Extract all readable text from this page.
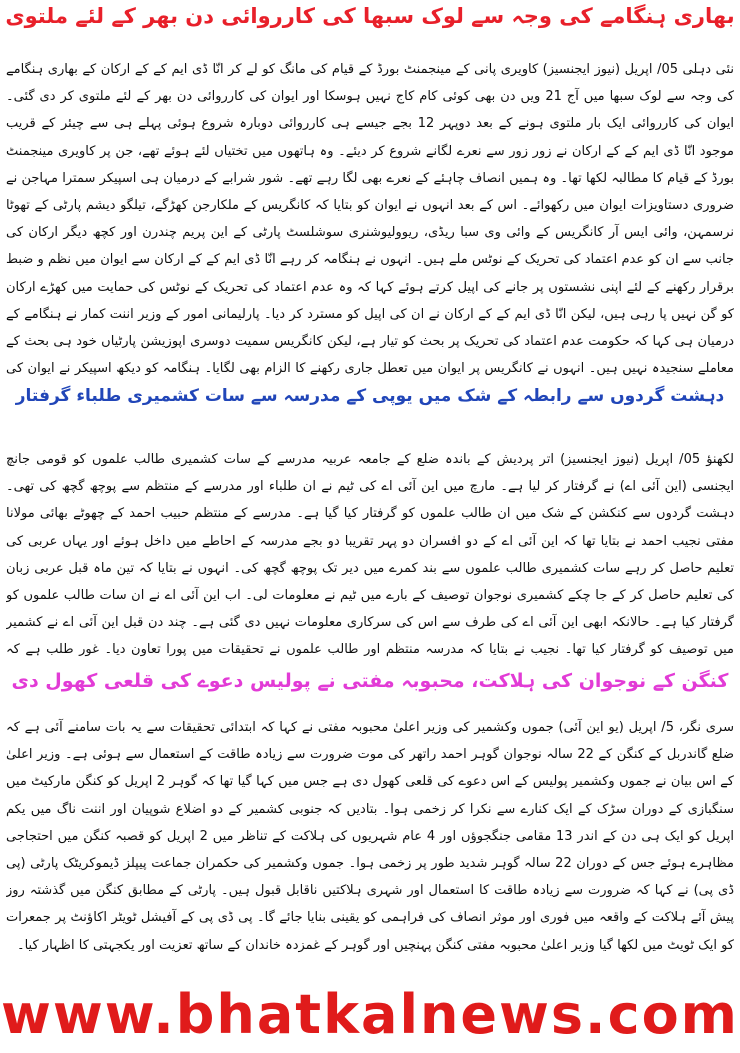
بھاری ہنگامے کی وجہ سے لوک سبھا کی کارروائی دن بھر کے لئے ملتوی
نئی دہلی 05/ اپریل (نیوز ایجنسیز) کاویری پانی کے مینجمنٹ بورڈ کے قیام کی مانگ کو لے کر انّا ڈی ایم کے کے ارکان کے بھاری ہنگامے کی وجہ سے لوک سبھا میں آج 21 ویں دن بھی کوئی کام کاج نہیں ہوسکا اور ایوان کی کارروائی دن بھر کے لئے ملتوی کر دی گئی۔ ایوان کی کارروائی ایک بار ملتوی ہونے کے بعد دوپہر 12 بجے جیسے ہی کارروائی دوبارہ شروع ہوئی پہلے ہی سے چیئر کے قریب موجود انّا ڈی ایم کے کے ارکان نے زور زور سے نعرے لگانے شروع کر دیئے۔ وہ ہاتھوں میں تختیاں لئے ہوئے تھے، جن پر کاویری مینجمنٹ بورڈ کے قیام کا مطالبہ لکھا تھا۔ وہ ہمیں انصاف چاہئے کے نعرے بھی لگا رہے تھے۔ شور شرابے کے درمیان ہی اسپیکر سمترا مہاجن نے ضروری دستاویزات ایوان میں رکھوائے۔ اس کے بعد انہوں نے ایوان کو بتایا کہ کانگریس کے ملکارجن کھڑگے، تیلگو دیشم پارٹی کے تھوٹا نرسمہن، وائی ایس آر کانگریس کے وائی وی سبا ریڈی، ریوولیوشنری سوشلسٹ پارٹی کے این پریم چندرن اور کچھ دیگر ارکان کی جانب سے ان کو عدم اعتماد کی تحریک کے نوٹس ملے ہیں۔ انہوں نے ہنگامہ کر رہے انّا ڈی ایم کے کے ارکان سے ایوان میں نظم و ضبط برقرار رکھنے کے لئے اپنی نشستوں پر جانے کی اپیل کرتے ہوئے کہا کہ وہ عدم اعتماد کی تحریک کے نوٹس کی حمایت میں کھڑے ارکان کو گن نہیں پا رہی ہیں، لیکن انّا ڈی ایم کے کے ارکان نے ان کی اپیل کو مسترد کر دیا۔ پارلیمانی امور کے وزیر اننت کمار نے ہنگامے کے درمیان ہی کہا کہ حکومت عدم اعتماد کی تحریک پر بحث کو تیار ہے، لیکن کانگریس سمیت دوسری اپوزیشن پارٹیاں خود ہی بحث کے معاملے سنجیدہ نہیں ہیں۔ انہوں نے کانگریس پر ایوان میں تعطل جاری رکھنے کا الزام بھی لگایا۔ ہنگامہ کو دیکھ اسپیکر نے ایوان کی
دہشت گردوں سے رابطہ کے شک میں یوپی کے مدرسہ سے سات کشمیری طلباء گرفتار
لکھنؤ 05/ اپریل (نیوز ایجنسیز) اتر پردیش کے باندہ ضلع کے جامعہ عربیہ مدرسے کے سات کشمیری طالب علموں کو قومی جانچ ایجنسی (این آئی اے) نے گرفتار کر لیا ہے۔ مارچ میں این آئی اے کی ٹیم نے ان طلباء اور مدرسے کے منتظم سے پوچھ گچھ کی تھی۔ دہشت گردوں سے کنکشن کے شک میں ان طالب علموں کو گرفتار کیا گیا ہے۔ مدرسے کے منتظم حبیب احمد کے چھوٹے بھائی مولانا مفتی نجیب احمد نے بتایا تھا کہ این آئی اے کے دو افسران دو پہر تقریبا دو بجے مدرسہ کے احاطے میں داخل ہوئے اور یہاں عربی کی تعلیم حاصل کر رہے سات کشمیری طالب علموں سے بند کمرے میں دیر تک پوچھ گچھ کی۔ انہوں نے بتایا کہ تین ماہ قبل عربی زبان کی تعلیم حاصل کر کے جا چکے کشمیری نوجوان توصیف کے بارے میں ٹیم نے معلومات لی۔ اب این آئی اے نے ان سات طالب علموں کو گرفتار کیا ہے۔ حالانکہ ابھی این آئی اے کی طرف سے اس کی سرکاری معلومات نہیں دی گئی ہے۔ چند دن قبل این آئی اے نے کشمیر میں توصیف کو گرفتار کیا تھا۔ نجیب نے بتایا کہ مدرسہ منتظم اور طالب علموں نے تحقیقات میں پورا تعاون دیا۔ غور طلب ہے کہ
کنگن کے نوجوان کی ہلاکت، محبوبہ مفتی نے پولیس دعوے کی قلعی کھول دی
سری نگر، 5/ اپریل (یو این آئی) جموں وکشمیر کی وزیر اعلیٰ محبوبہ مفتی نے کہا کہ ابتدائی تحقیقات سے یہ بات سامنے آئی ہے کہ ضلع گاندربل کے کنگن کے 22 سالہ نوجوان گوہر احمد راتھر کی موت ضرورت سے زیادہ طاقت کے استعمال سے ہوئی ہے۔ وزیر اعلیٰ کے اس بیان نے جموں وکشمیر پولیس کے اس دعوے کی قلعی کھول دی ہے جس میں کہا گیا تھا کہ گوہر 2 اپریل کو کنگن مارکیٹ میں سنگبازی کے دوران سڑک کے ایک کنارے سے نکرا کر زخمی ہوا۔ بتادیں کہ جنوبی کشمیر کے دو اضلاع شوپیان اور اننت ناگ میں یکم اپریل کو ایک ہی دن کے اندر 13 مقامی جنگجوؤں اور 4 عام شہریوں کی ہلاکت کے تناظر میں 2 اپریل کو قصبہ کنگن میں احتجاجی مظاہرے ہوئے جس کے دوران 22 سالہ گوہر شدید طور پر زخمی ہوا۔ جموں وکشمیر کی حکمران جماعت پیپلز ڈیموکریٹک پارٹی (پی ڈی پی) نے کہا کہ ضرورت سے زیادہ طاقت کا استعمال اور شہری ہلاکتیں ناقابل قبول ہیں۔ پارٹی کے مطابق کنگن میں گذشتہ روز پیش آئے ہلاکت کے واقعہ میں فوری اور موثر انصاف کی فراہمی کو یقینی بنایا جائے گا۔ پی ڈی پی کے آفیشل ٹویٹر اکاؤنٹ پر جمعرات کو ایک ٹویٹ میں لکھا گیا وزیر اعلیٰ محبوبہ مفتی کنگن پہنچیں اور گوہر کے غمزدہ خاندان کے ساتھ تعزیت اور یکجہتی کا اظہار کیا۔
www.bhatkalnews.com
